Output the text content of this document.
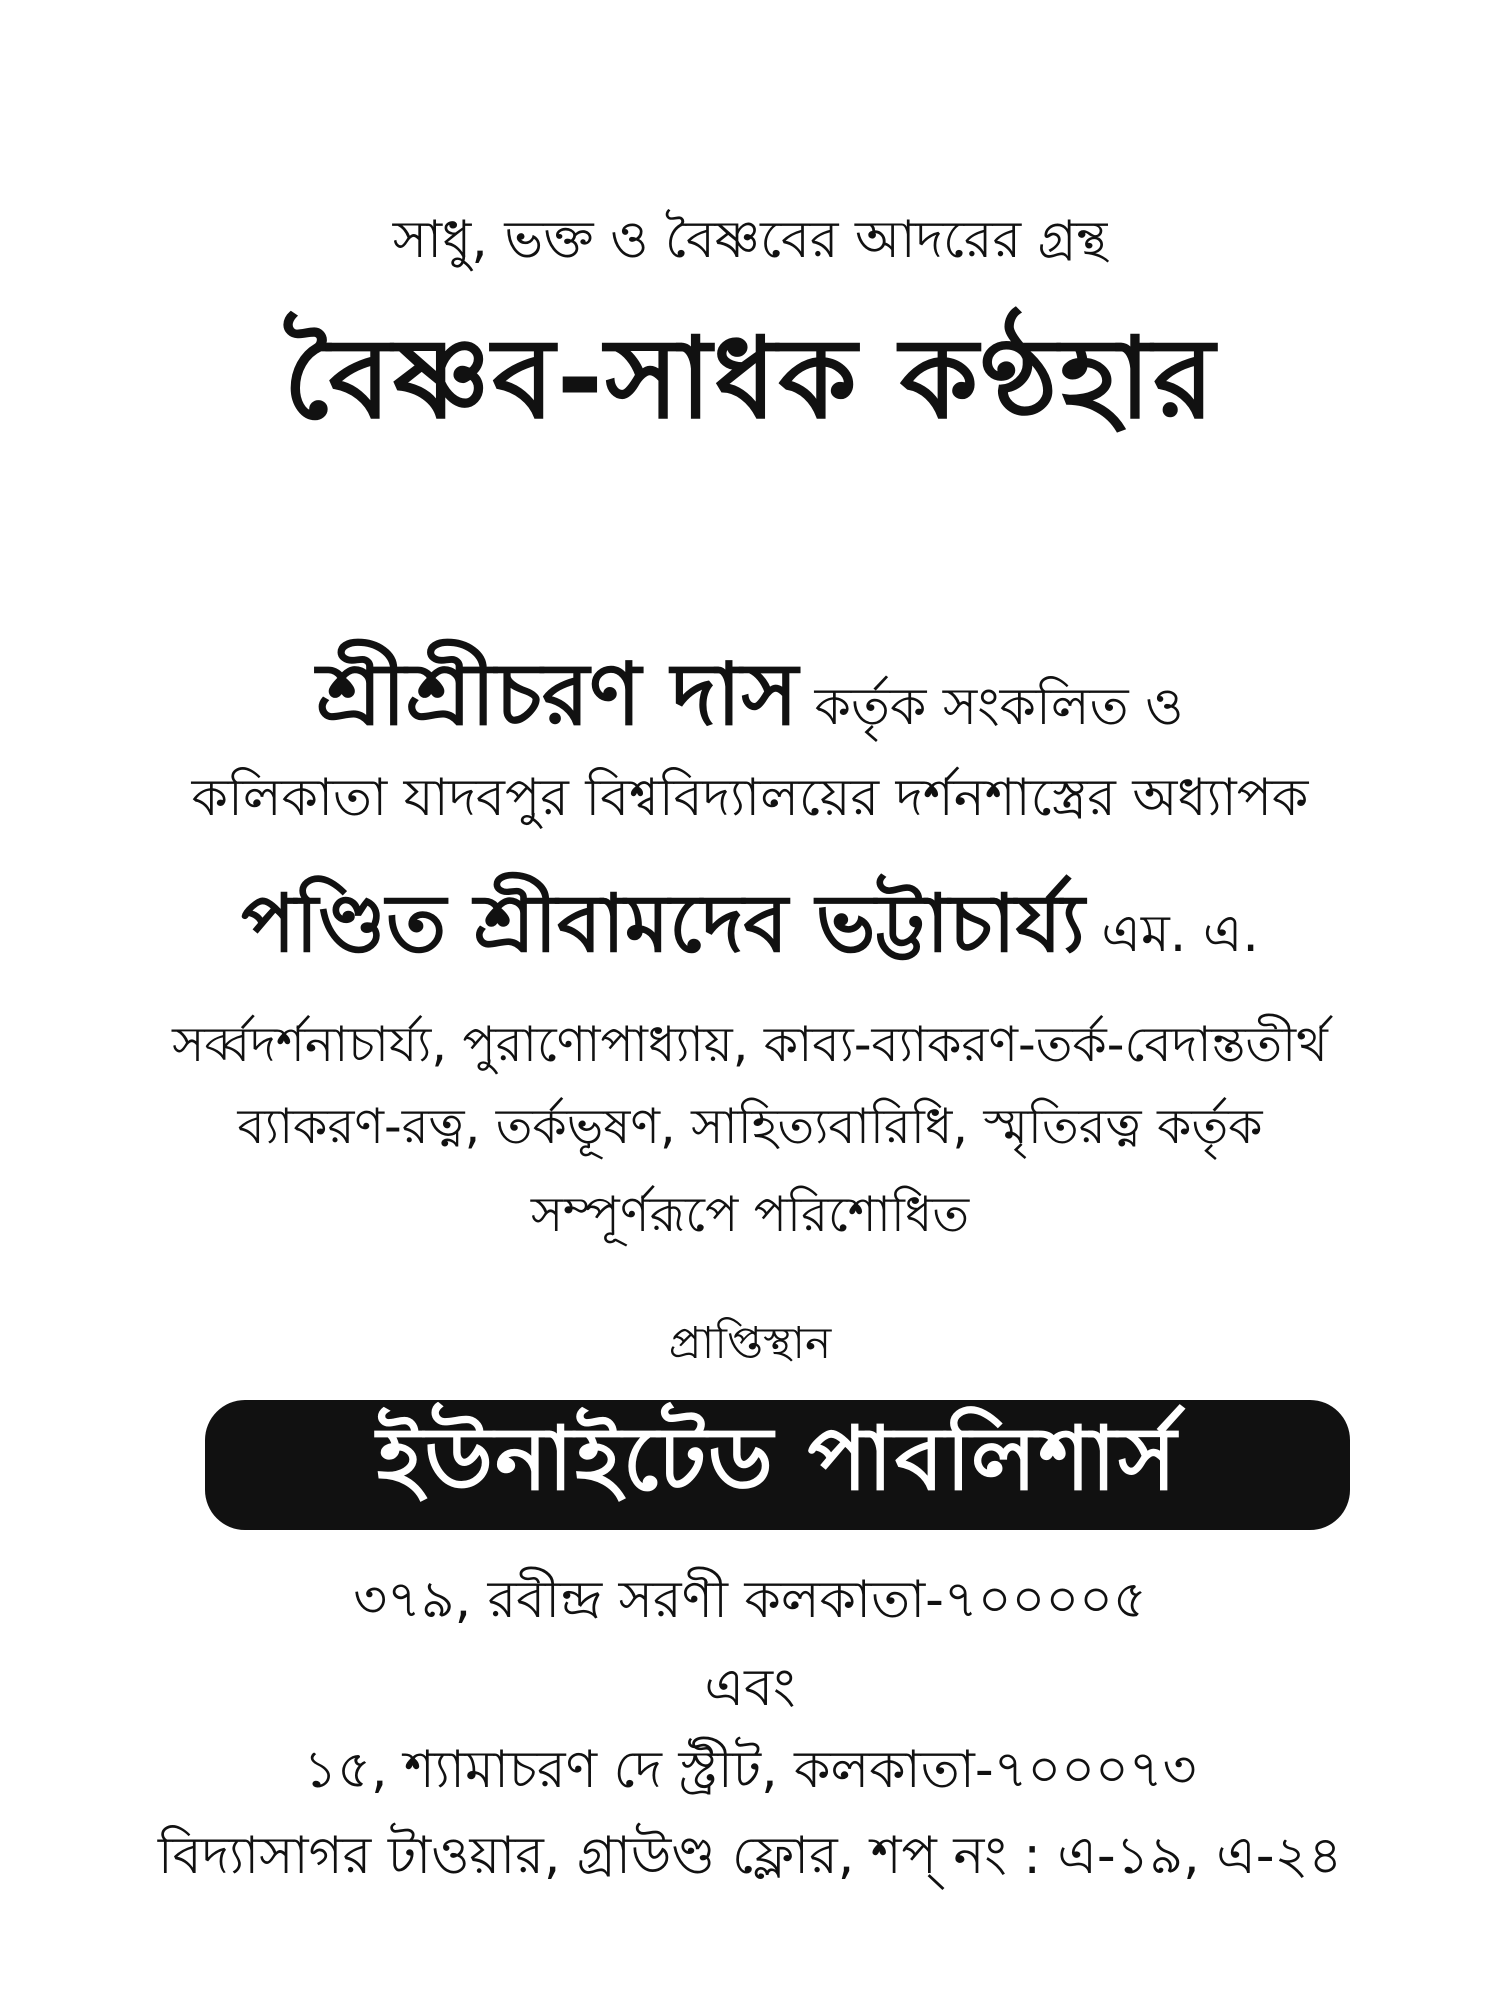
সাধু, ভক্ত ও বৈষ্ণবের আদরের গ্রন্থ
বৈষ্ণব-সাধক কণ্ঠহার
শ্রীশ্রীচরণ দাস কর্তৃক সংকলিত ও
কলিকাতা যাদবপুর বিশ্ববিদ্যালয়ের দর্শনশাস্ত্রের অধ্যাপক
পণ্ডিত শ্রীবামদেব ভট্টাচার্য্য এম. এ.
সর্ব্বদর্শনাচার্য্য, পুরাণোপাধ্যায়, কাব্য-ব্যাকরণ-তর্ক-বেদান্ততীর্থ
ব্যাকরণ-রত্ন, তর্কভূষণ, সাহিত্যবারিধি, স্মৃতিরত্ন কর্তৃক
সম্পূর্ণরূপে পরিশোধিত
প্রাপ্তিস্থান
ইউনাইটেড পাবলিশার্স
৩৭৯, রবীন্দ্র সরণী কলকাতা-৭০০০০৫
এবং
১৫, শ্যামাচরণ দে স্ট্রীট, কলকাতা-৭০০০৭৩
বিদ্যাসাগর টাওয়ার, গ্রাউণ্ড ফ্লোর, শপ্ নং : এ-১৯, এ-২৪
